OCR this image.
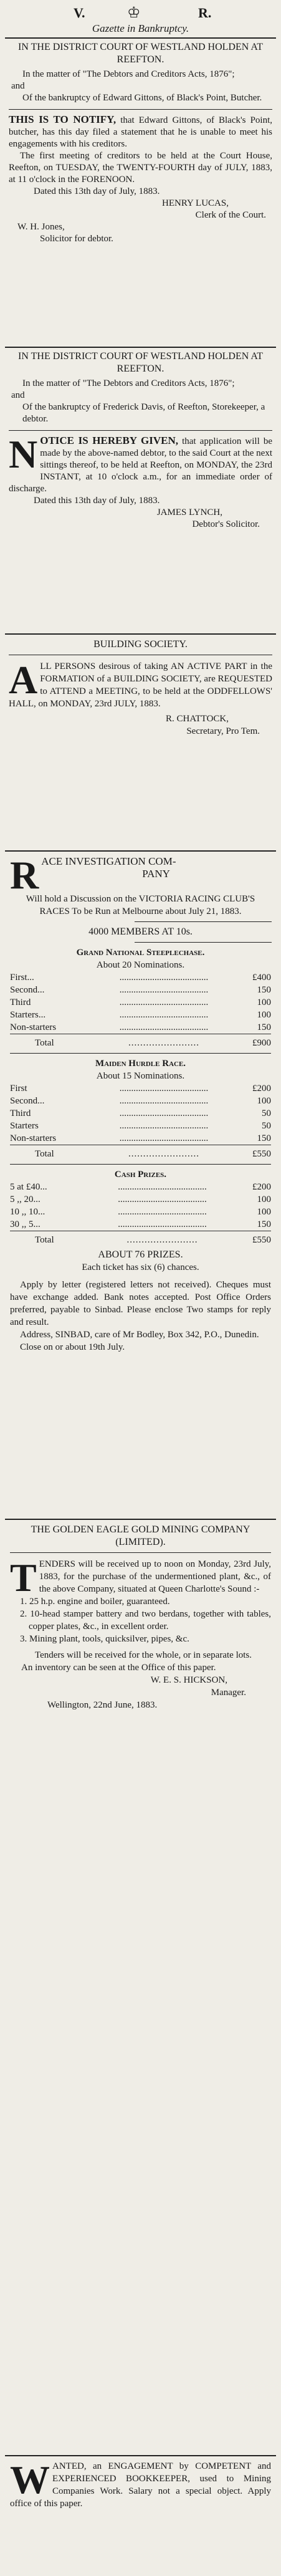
V.	♔	R.
Gazette in Bankruptcy.

IN THE DISTRICT COURT OF WESTLAND HOLDEN AT REEFTON.

In the matter of "The Debtors and Creditors Acts, 1876";

and

Of the bankruptcy of Edward Gittons, of Black's Point, Butcher.

THIS IS TO NOTIFY, that Edward Gittons, of Black's Point, butcher, has this day filed a statement that he is unable to meet his engagements with his creditors.

The first meeting of creditors to be held at the Court House, Reefton, on TUESDAY, the TWENTY-FOURTH day of JULY, 1883, at 11 o'clock in the FORENOON.

Dated this 13th day of July, 1883.

HENRY LUCAS,

Clerk of the Court.

W. H. Jones,

Solicitor for debtor.

IN THE DISTRICT COURT OF WESTLAND HOLDEN AT REEFTON.

In the matter of "The Debtors and Creditors Acts, 1876";

and

Of the bankruptcy of Frederick Davis, of Reefton, Storekeeper, a debtor.

N OTICE IS HEREBY GIVEN, that application will be made by the above-named debtor, to the said Court at the next sittings thereof, to be held at Reefton, on MONDAY, the 23rd INSTANT, at 10 o'clock a.m., for an immediate order of discharge.

Dated this 13th day of July, 1883.

JAMES LYNCH,

Debtor's Solicitor.

BUILDING SOCIETY.

A LL PERSONS desirous of taking AN ACTIVE PART in the FORMATION of a BUILDING SOCIETY, are REQUESTED to ATTEND a MEETING, to be held at the ODDFELLOWS' HALL, on MONDAY, 23rd JULY, 1883.

R. CHATTOCK,

Secretary, Pro Tem.

R ACE INVESTIGATION COM-
PANY

Will hold a Discussion on the VICTORIA RACING CLUB'S RACES To be Run at Melbourne about July 21, 1883.

4000 MEMBERS AT 10s.

Grand National Steeplechase.

About 20 Nominations.

First...	......................................	£400
Second...	......................................	150
Third	......................................	100
Starters...	......................................	100
Non-starters	......................................	150

Total	........................	£900

Maiden Hurdle Race.

About 15 Nominations.

First	......................................	£200
Second...	......................................	100
Third	......................................	50
Starters	......................................	50
Non-starters	......................................	150

Total	........................	£550

Cash Prizes.

5 at £40...	......................................	£200
5 ,, 20...	......................................	100
10 ,, 10...	......................................	100
30 ,, 5...	......................................	150

Total	........................	£550

ABOUT 76 PRIZES.

Each ticket has six (6) chances.

Apply by letter (registered letters not received). Cheques must have exchange added. Bank notes accepted. Post Office Orders preferred, payable to Sinbad. Please enclose Two stamps for reply and result.

Address, SINBAD, care of Mr Bodley, Box 342, P.O., Dunedin.

Close on or about 19th July.

THE GOLDEN EAGLE GOLD MINING COMPANY (LIMITED).

T ENDERS will be received up to noon on Monday, 23rd July, 1883, for the purchase of the undermentioned plant, &c., of the above Company, situated at Queen Charlotte's Sound :-

1. 25 h.p. engine and boiler, guaranteed.

2. 10-head stamper battery and two berdans, together with tables, copper plates, &c., in excellent order.

3. Mining plant, tools, quicksilver, pipes, &c.

Tenders will be received for the whole, or in separate lots.

An inventory can be seen at the Office of this paper.

W. E. S. HICKSON,

Manager.

Wellington, 22nd June, 1883.

W ANTED, an ENGAGEMENT by COMPETENT and EXPERIENCED BOOKKEEPER, used to Mining Companies Work. Salary not a special object. Apply office of this paper.
